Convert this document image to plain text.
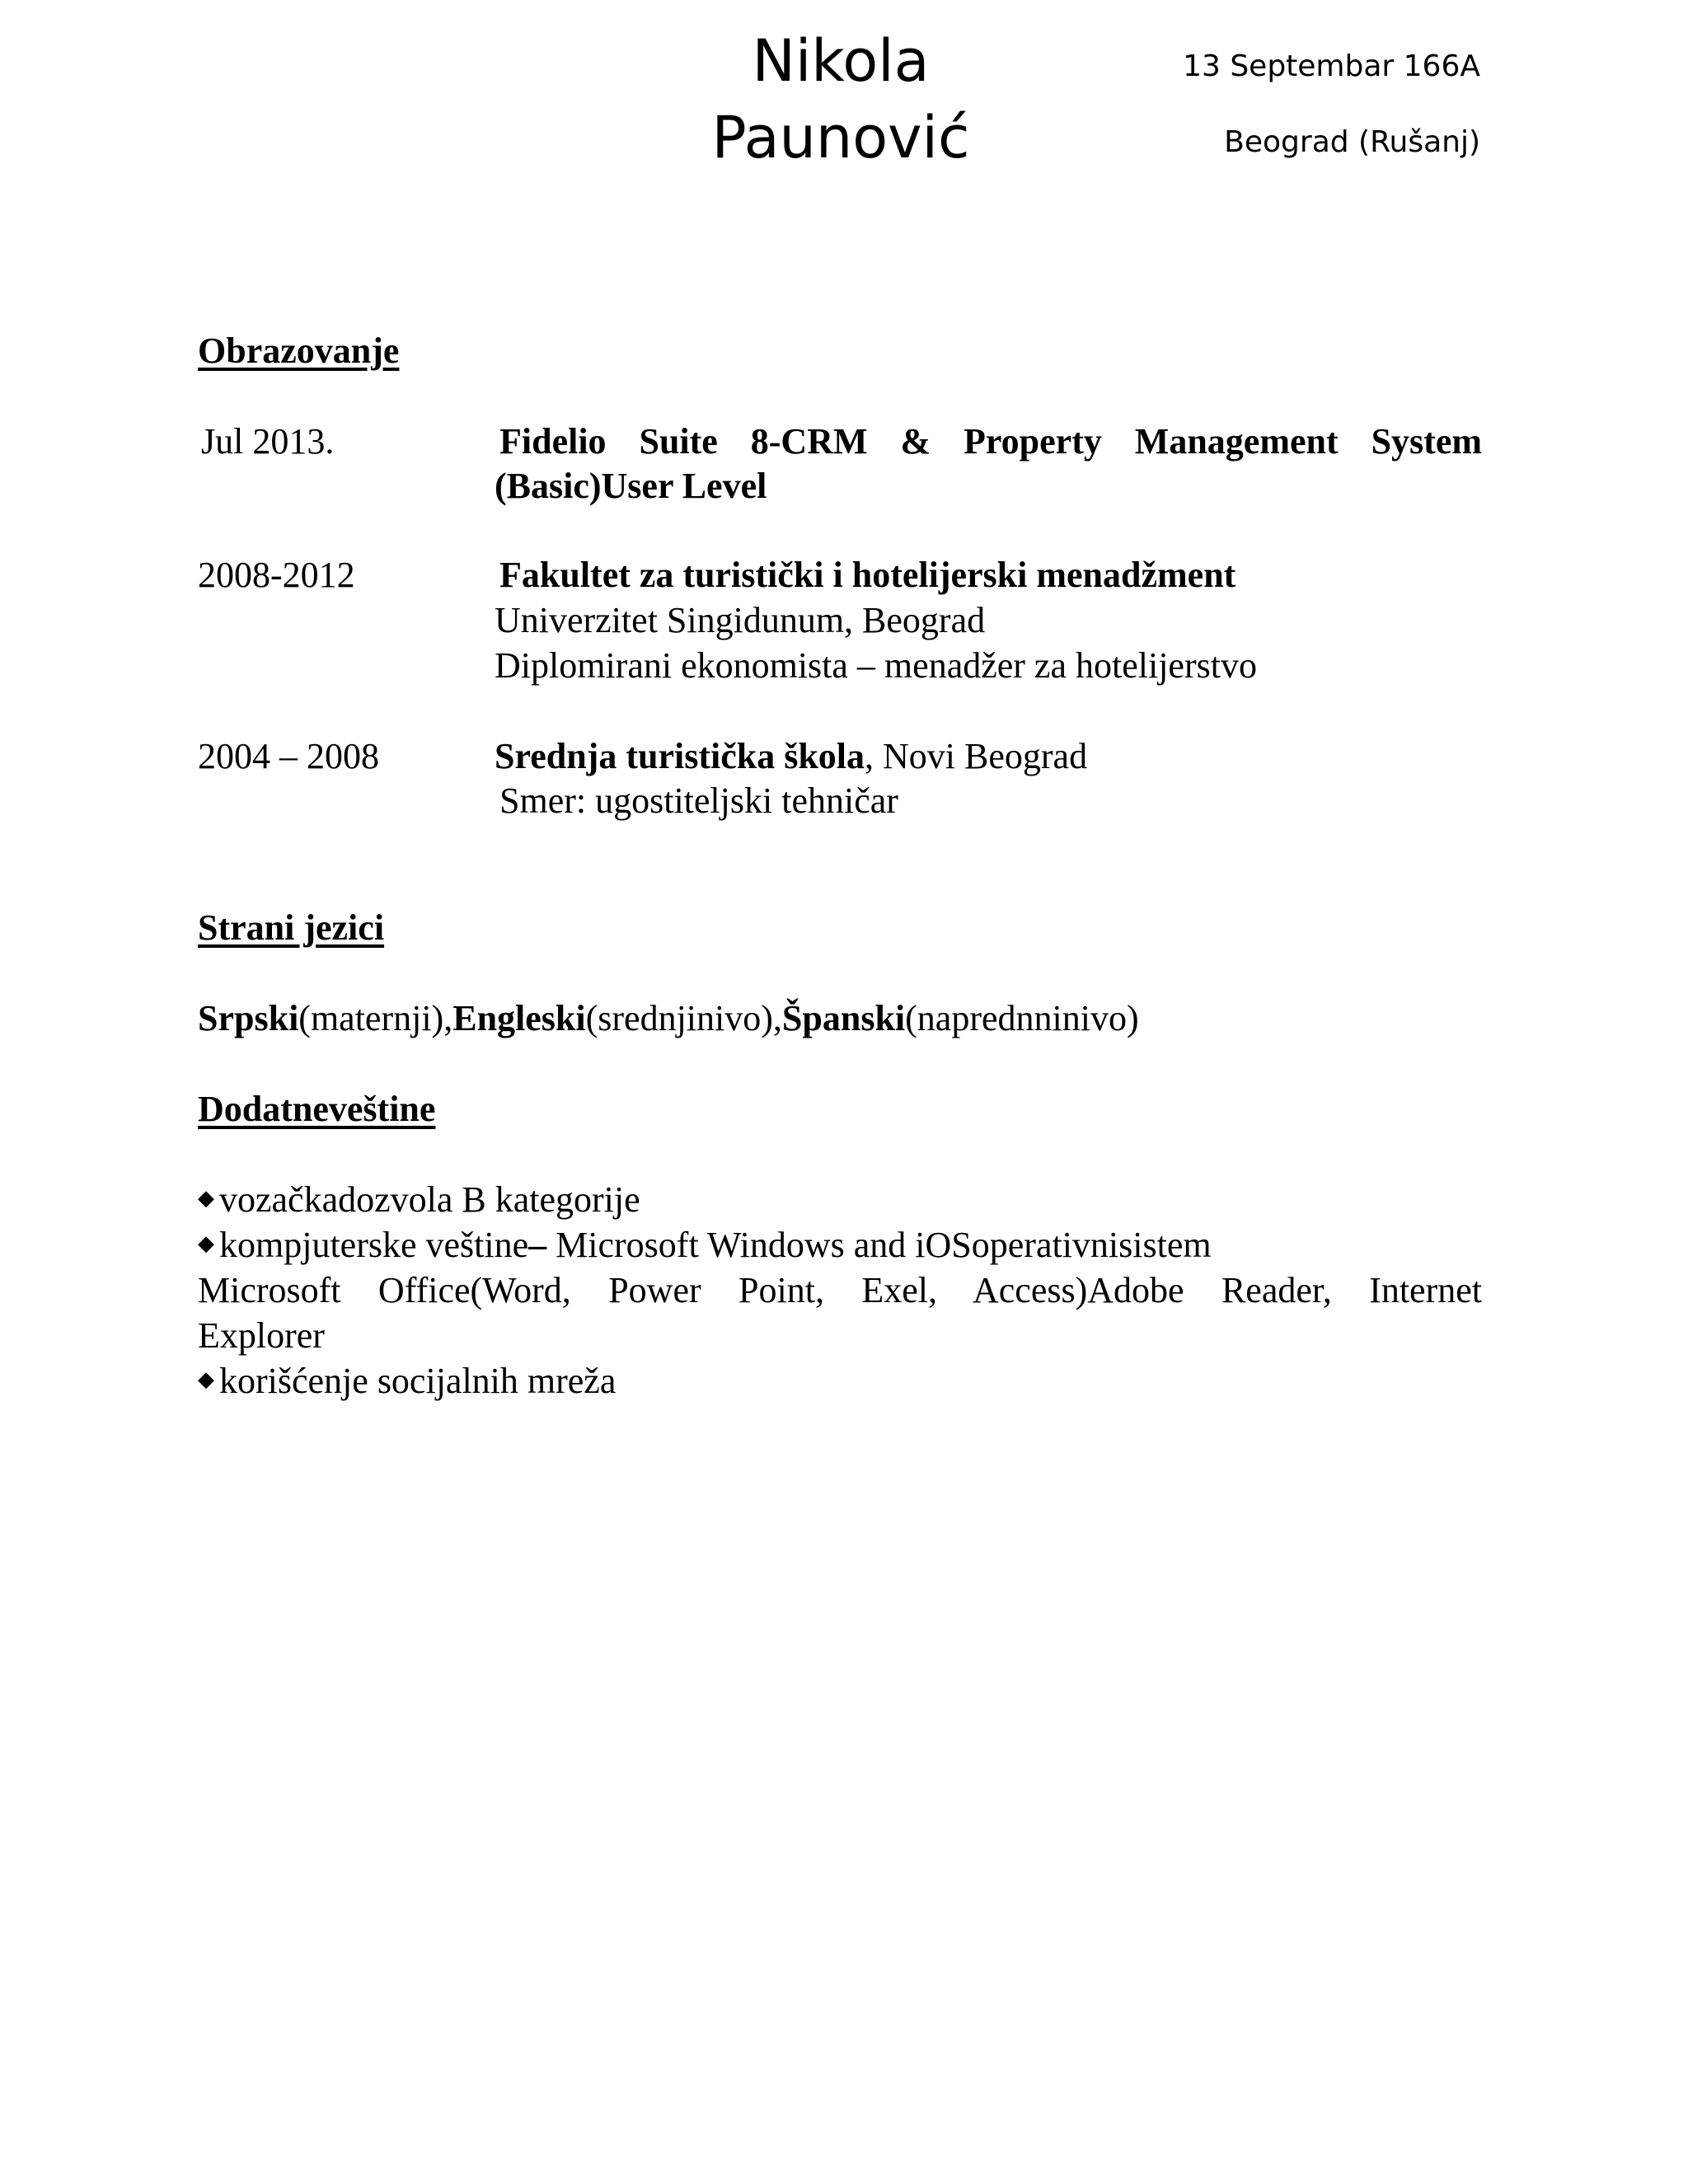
Nikola
Paunović
13 Septembar 166A
Beograd (Rušanj)
Obrazovanje
Jul 2013.	Fidelio Suite 8-CRM & Property Management System
(Basic)User Level
2008-2012	Fakultet za turistički i hotelijerski menadžment
Univerzitet Singidunum, Beograd
Diplomirani ekonomista – menadžer za hotelijerstvo
2004 – 2008	Srednja turistička škola, Novi Beograd
Smer: ugostiteljski tehničar
Strani jezici
Srpski(maternji),Engleski(srednjinivo),Španski(naprednninivo)
Dodatneveštine
◆ vozačkadozvola B kategorije
◆ kompjuterske veštine– Microsoft Windows and iOSoperativnisistem
Microsoft Office(Word, Power Point, Exel, Access)Adobe Reader, Internet
Explorer
◆ korišćenje socijalnih mreža
